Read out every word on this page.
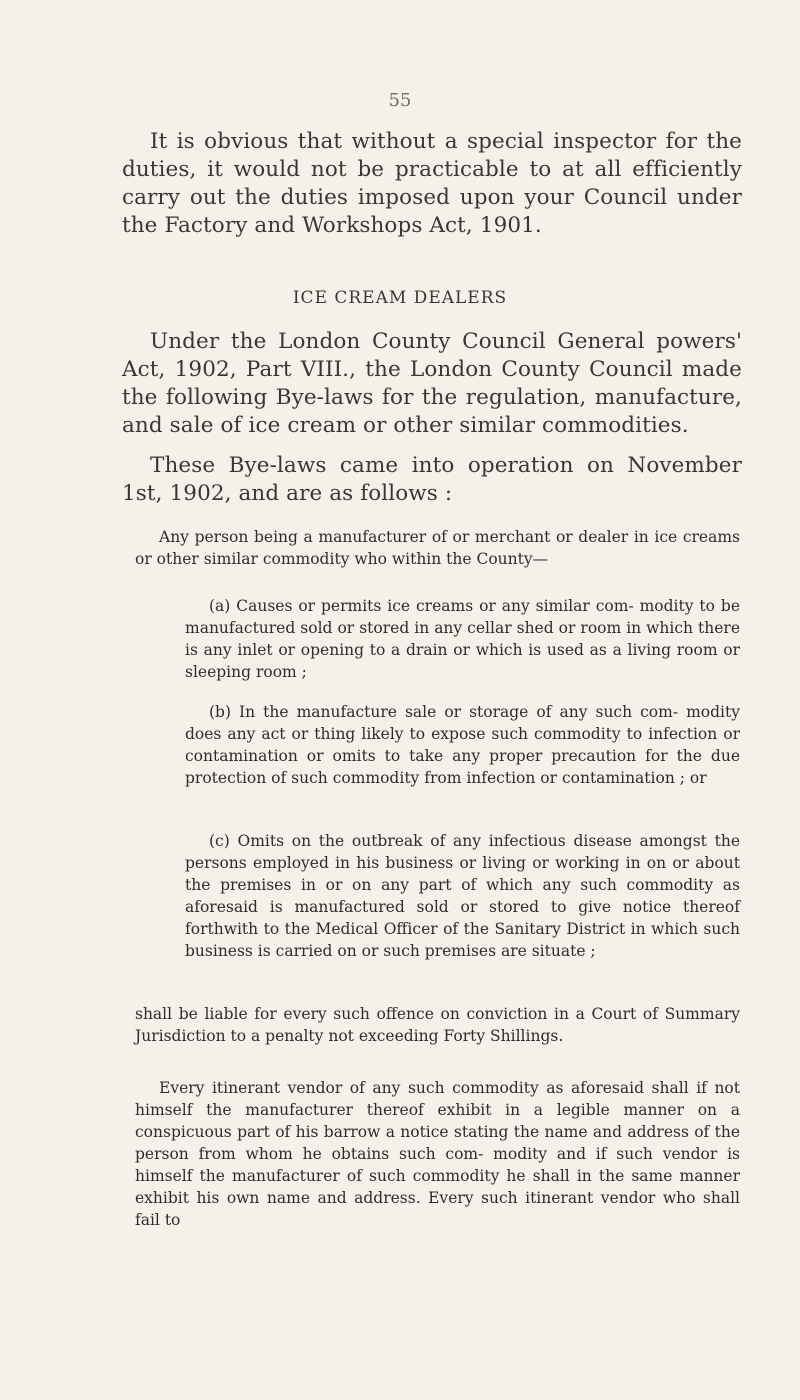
55

It is obvious that without a special inspector for the duties, it would not be practicable to at all efficiently carry out the duties imposed upon your Council under the Factory and Workshops Act, 1901.

ICE CREAM DEALERS

Under the London County Council General powers' Act, 1902, Part VIII., the London County Council made the following Bye-laws for the regulation, manufacture, and sale of ice cream or other similar commodities.

These Bye-laws came into operation on November 1st, 1902, and are as follows :

Any person being a manufacturer of or merchant or dealer in ice creams or other similar commodity who within the County—

(a) Causes or permits ice creams or any similar com- modity to be manufactured sold or stored in any cellar shed or room in which there is any inlet or opening to a drain or which is used as a living room or sleeping room ;

(b) In the manufacture sale or storage of any such com- modity does any act or thing likely to expose such commodity to infection or contamination or omits to take any proper precaution for the due protection of such commodity from infection or contamination ; or

(c) Omits on the outbreak of any infectious disease amongst the persons employed in his business or living or working in on or about the premises in or on any part of which any such commodity as aforesaid is manufactured sold or stored to give notice thereof forthwith to the Medical Officer of the Sanitary District in which such business is carried on or such premises are situate ;

shall be liable for every such offence on conviction in a Court of Summary Jurisdiction to a penalty not exceeding Forty Shillings.

Every itinerant vendor of any such commodity as aforesaid shall if not himself the manufacturer thereof exhibit in a legible manner on a conspicuous part of his barrow a notice stating the name and address of the person from whom he obtains such com- modity and if such vendor is himself the manufacturer of such commodity he shall in the same manner exhibit his own name and address. Every such itinerant vendor who shall fail to
